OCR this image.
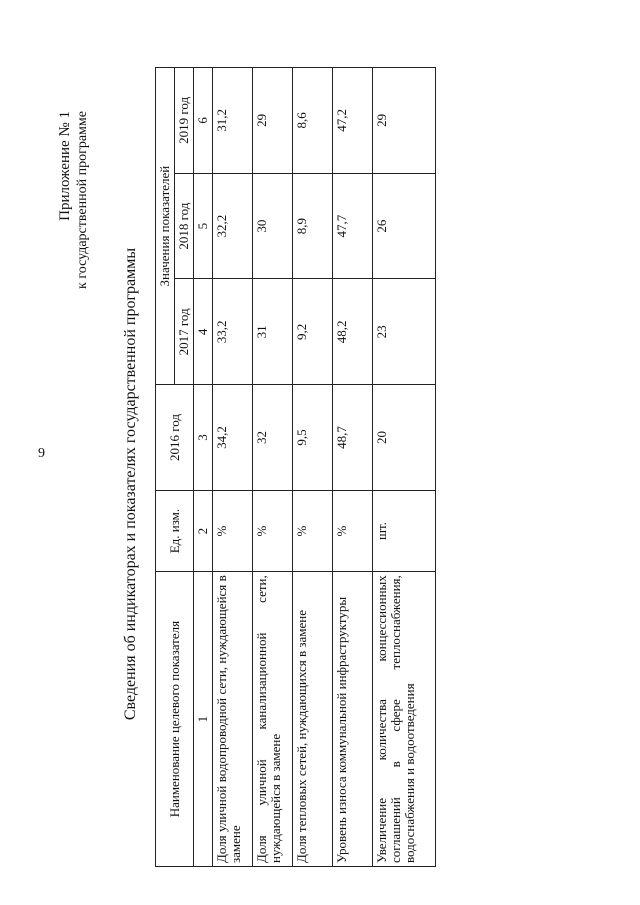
9
Приложение № 1 к государственной программе
Сведения об индикаторах и показателях государственной программы Наименование целевого показателя	Ед. изм.	2016 год	Значения показателей		
			2017 год	2018 год	2019 год
1	2	3	4	5	6
Доля уличной водопроводной сети, нуждающейся в замене	%	34,2	33,2	32,2	31,2
Доля уличной канализационной сети, нуждающейся в замене	%	32	31	30	29
Доля тепловых сетей, нуждающихся в замене	%	9,5	9,2	8,9	8,6
Уровень износа коммунальной инфраструктуры	%	48,7	48,2	47,7	47,2
Увеличение количества концессионных соглашений в сфере теплоснабжения, водоснабжения и водоотведения	шт.	20	23	26	29
